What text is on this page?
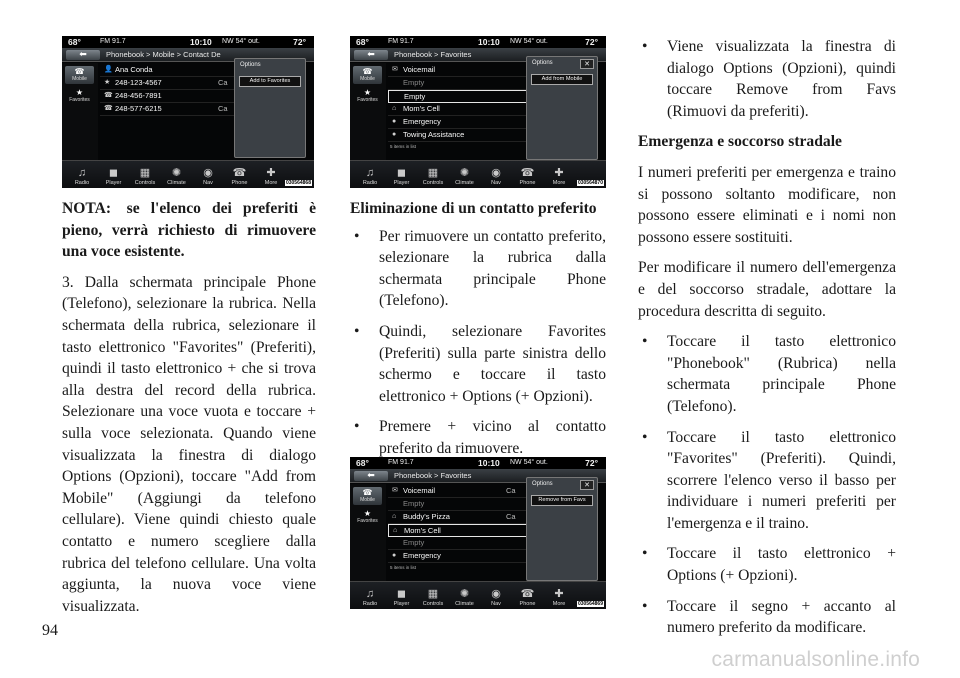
68°	FM 91.7	10:10 NW 54° out.	72°
⬅	Phonebook > Mobile > Contact De
☎
Mobile
★
Favorites
👤 Ana Conda
★ 248-123-4567	Ca
☎ 248-456-7891
☎ 248-577-6215	Ca
Options
Add to Favorites
♫
Radio
◼
Player
▦
Controls
✺
Climate
◉
Nav
☎
Phone
✚
More	030564868
68°	FM 91.7	10:10 NW 54° out.	72°
⬅	Phonebook > Favorites
☎
Mobile
★
Favorites
✉ Voicemail
Empty
Empty
⌂ Mom's Cell
● Emergency
● Towing Assistance
5 items in list
Options	✕
Add from Mobile
♫
Radio
◼
Player
▦
Controls
✺
Climate
◉
Nav
☎
Phone
✚
More	030564870
68°	FM 91.7	10:10 NW 54° out.	72°
⬅	Phonebook > Favorites
☎
Mobile
★
Favorites
✉ Voicemail	Ca
Empty
⌂ Buddy's Pizza	Ca
⌂ Mom's Cell
Empty
● Emergency
5 items in list
Options	✕
Remove from Favs
♫
Radio
◼
Player
▦
Controls
✺
Climate
◉
Nav
☎
Phone
✚
More	030564869

NOTA: se l'elenco dei preferiti è pieno, verrà richiesto di rimuovere una voce esistente.

3. Dalla schermata principale Phone (Telefono), selezionare la rubrica. Nella schermata della rubrica, selezionare il tasto elettronico "Favorites" (Preferiti), quindi il tasto elettronico + che si trova alla destra del record della rubrica. Selezionare una voce vuota e toccare + sulla voce selezionata. Quando viene visualizzata la finestra di dialogo Options (Opzioni), toccare "Add from Mobile" (Aggiungi da telefono cellulare). Viene quindi chiesto quale contatto e numero scegliere dalla rubrica del telefono cellulare. Una volta aggiunta, la nuova voce viene visualizzata.

Eliminazione di un contatto preferito

• Per rimuovere un contatto preferito, selezionare la rubrica dalla schermata principale Phone (Telefono).
• Quindi, selezionare Favorites (Preferiti) sulla parte sinistra dello schermo e toccare il tasto elettronico + Options (+ Opzioni).
• Premere + vicino al contatto preferito da rimuovere.
• Viene visualizzata la finestra di dialogo Options (Opzioni), quindi toccare Remove from Favs (Rimuovi da preferiti).

Emergenza e soccorso stradale

I numeri preferiti per emergenza e traino si possono soltanto modificare, non possono essere eliminati e i nomi non possono essere sostituiti.

Per modificare il numero dell'emergenza e del soccorso stradale, adottare la procedura descritta di seguito.

• Toccare il tasto elettronico "Phonebook" (Rubrica) nella schermata principale Phone (Telefono).
• Toccare il tasto elettronico "Favorites" (Preferiti). Quindi, scorrere l'elenco verso il basso per individuare i numeri preferiti per l'emergenza e il traino.
• Toccare il tasto elettronico + Options (+ Opzioni).
• Toccare il segno + accanto al numero preferito da modificare.
94
carmanualsonline.info
